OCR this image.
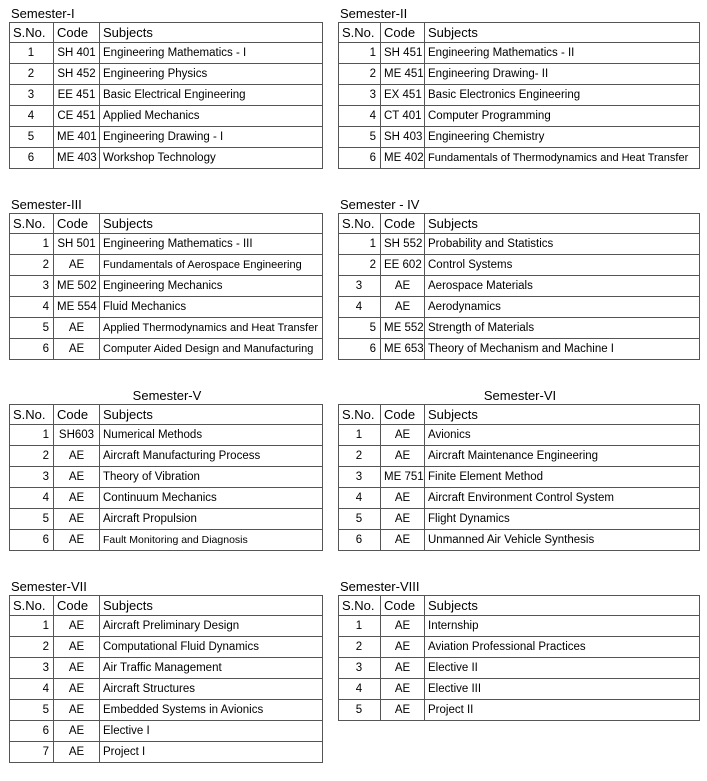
Semester-I
S.No.	Code	Subjects
1	SH 401	Engineering Mathematics - I
2	SH 452	Engineering Physics
3	EE 451	Basic Electrical Engineering
4	CE 451	Applied Mechanics
5	ME 401	Engineering Drawing - I
6	ME 403	Workshop Technology
Semester-II
S.No.	Code	Subjects
1	SH 451	Engineering Mathematics - II
2	ME 451	Engineering Drawing- II
3	EX 451	Basic Electronics Engineering
4	CT 401	Computer Programming
5	SH 403	Engineering Chemistry
6	ME 402	Fundamentals of Thermodynamics and Heat Transfer
Semester-III
S.No.	Code	Subjects
1	SH 501	Engineering Mathematics - III
2	AE	Fundamentals of Aerospace Engineering
3	ME 502	Engineering Mechanics
4	ME 554	Fluid Mechanics
5	AE	Applied Thermodynamics and Heat Transfer
6	AE	Computer Aided Design and Manufacturing
Semester - IV
S.No.	Code	Subjects
1	SH 552	Probability and Statistics
2	EE 602	Control Systems
3	AE	Aerospace Materials
4	AE	Aerodynamics
5	ME 552	Strength of Materials
6	ME 653	Theory of Mechanism and Machine I
Semester-V
S.No.	Code	Subjects
1	SH603	Numerical Methods
2	AE	Aircraft Manufacturing Process
3	AE	Theory of Vibration
4	AE	Continuum Mechanics
5	AE	Aircraft Propulsion
6	AE	Fault Monitoring and Diagnosis
Semester-VI
S.No.	Code	Subjects
1	AE	Avionics
2	AE	Aircraft Maintenance Engineering
3	ME 751	Finite Element Method
4	AE	Aircraft Environment Control System
5	AE	Flight Dynamics
6	AE	Unmanned Air Vehicle Synthesis
Semester-VII
S.No.	Code	Subjects
1	AE	Aircraft Preliminary Design
2	AE	Computational Fluid Dynamics
3	AE	Air Traffic Management
4	AE	Aircraft Structures
5	AE	Embedded Systems in Avionics
6	AE	Elective I
7	AE	Project I
Semester-VIII
S.No.	Code	Subjects
1	AE	Internship
2	AE	Aviation Professional Practices
3	AE	Elective II
4	AE	Elective III
5	AE	Project II
